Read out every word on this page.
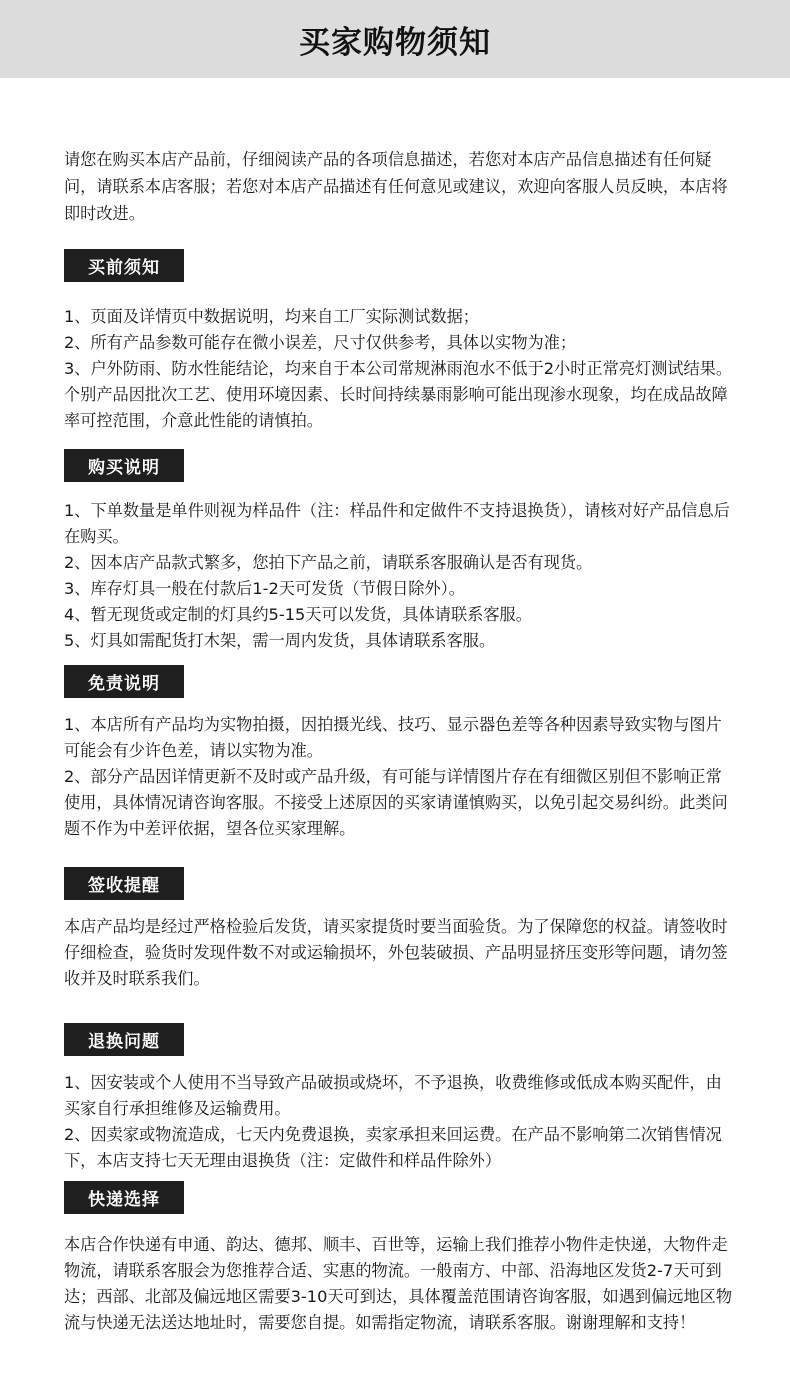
买家购物须知

请您在购买本店产品前，仔细阅读产品的各项信息描述，若您对本店产品信息描述有任何疑问，请联系本店客服；若您对本店产品描述有任何意见或建议，欢迎向客服人员反映，本店将即时改进。

买前须知

1、页面及详情页中数据说明，均来自工厂实际测试数据；

2、所有产品参数可能存在微小误差，尺寸仅供参考，具体以实物为准；

3、户外防雨、防水性能结论，均来自于本公司常规淋雨泡水不低于2小时正常亮灯测试结果。个别产品因批次工艺、使用环境因素、长时间持续暴雨影响可能出现渗水现象，均在成品故障率可控范围，介意此性能的请慎拍。

购买说明

1、下单数量是单件则视为样品件（注：样品件和定做件不支持退换货），请核对好产品信息后在购买。

2、因本店产品款式繁多，您拍下产品之前，请联系客服确认是否有现货。

3、库存灯具一般在付款后1-2天可发货（节假日除外）。

4、暂无现货或定制的灯具约5-15天可以发货，具体请联系客服。

5、灯具如需配货打木架，需一周内发货，具体请联系客服。

免责说明

1、本店所有产品均为实物拍摄，因拍摄光线、技巧、显示器色差等各种因素导致实物与图片可能会有少许色差，请以实物为准。

2、部分产品因详情更新不及时或产品升级，有可能与详情图片存在有细微区别但不影响正常使用，具体情况请咨询客服。不接受上述原因的买家请谨慎购买，以免引起交易纠纷。此类问题不作为中差评依据，望各位买家理解。

签收提醒

本店产品均是经过严格检验后发货，请买家提货时要当面验货。为了保障您的权益。请签收时仔细检查，验货时发现件数不对或运输损坏，外包装破损、产品明显挤压变形等问题，请勿签收并及时联系我们。

退换问题

1、因安装或个人使用不当导致产品破损或烧坏，不予退换，收费维修或低成本购买配件，由买家自行承担维修及运输费用。

2、因卖家或物流造成，七天内免费退换，卖家承担来回运费。在产品不影响第二次销售情况下，本店支持七天无理由退换货（注：定做件和样品件除外）

快递选择

本店合作快递有申通、韵达、德邦、顺丰、百世等，运输上我们推荐小物件走快递，大物件走物流，请联系客服会为您推荐合适、实惠的物流。一般南方、中部、沿海地区发货2-7天可到达；西部、北部及偏远地区需要3-10天可到达，具体覆盖范围请咨询客服，如遇到偏远地区物流与快递无法送达地址时，需要您自提。如需指定物流，请联系客服。谢谢理解和支持！
